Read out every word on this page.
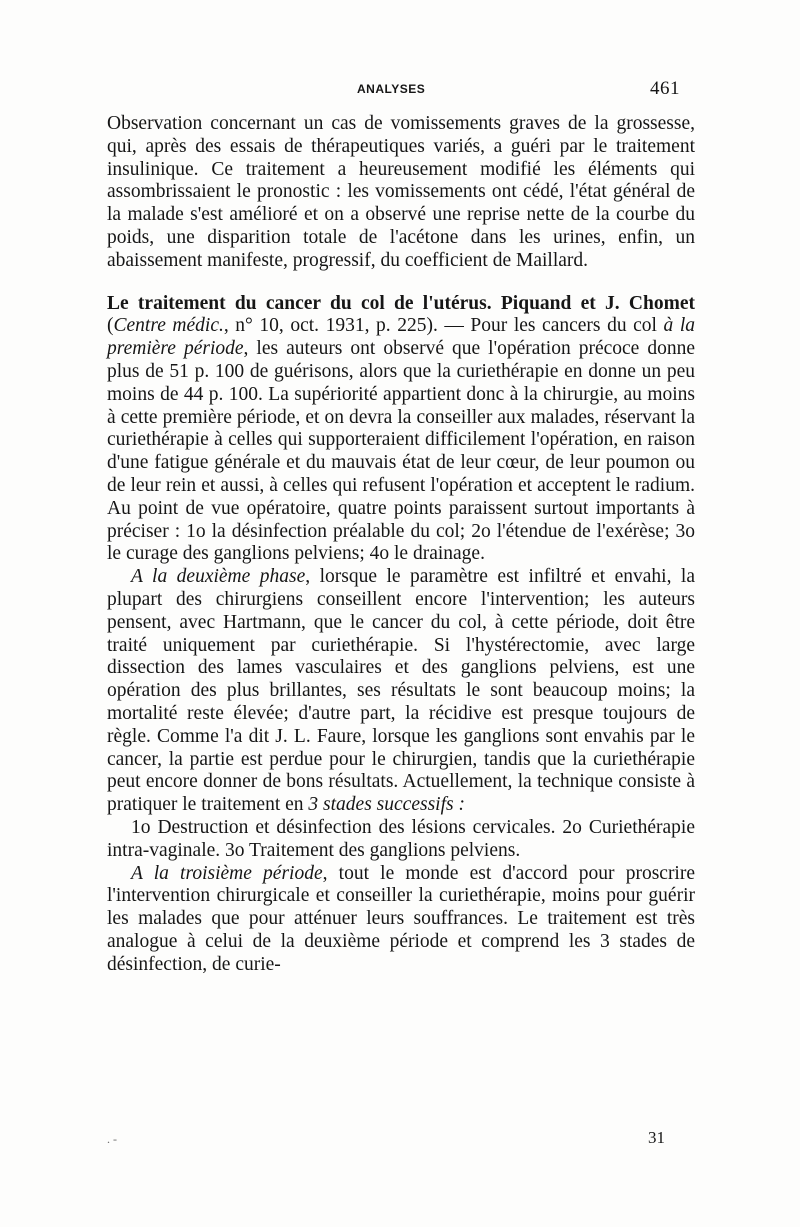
ANALYSES	461

Observation concernant un cas de vomissements graves de la grossesse, qui, après des essais de thérapeutiques variés, a guéri par le traitement insulinique. Ce traitement a heureusement modifié les éléments qui assombrissaient le pronostic : les vomissements ont cédé, l'état général de la malade s'est amélioré et on a observé une reprise nette de la courbe du poids, une disparition totale de l'acétone dans les urines, enfin, un abaissement manifeste, progressif, du coefficient de Maillard.

Le traitement du cancer du col de l'utérus. Piquand et J. Chomet (Centre médic., n° 10, oct. 1931, p. 225). — Pour les cancers du col à la première période, les auteurs ont observé que l'opération précoce donne plus de 51 p. 100 de guérisons, alors que la curiethérapie en donne un peu moins de 44 p. 100. La supériorité appartient donc à la chirurgie, au moins à cette première période, et on devra la conseiller aux malades, réservant la curiethérapie à celles qui supporteraient difficilement l'opération, en raison d'une fatigue générale et du mauvais état de leur cœur, de leur poumon ou de leur rein et aussi, à celles qui refusent l'opération et acceptent le radium. Au point de vue opératoire, quatre points paraissent surtout importants à préciser : 1o la désinfection préalable du col; 2o l'étendue de l'exérèse; 3o le curage des ganglions pelviens; 4o le drainage.

A la deuxième phase, lorsque le paramètre est infiltré et envahi, la plupart des chirurgiens conseillent encore l'intervention; les auteurs pensent, avec Hartmann, que le cancer du col, à cette période, doit être traité uniquement par curiethérapie. Si l'hystérectomie, avec large dissection des lames vasculaires et des ganglions pelviens, est une opération des plus brillantes, ses résultats le sont beaucoup moins; la mortalité reste élevée; d'autre part, la récidive est presque toujours de règle. Comme l'a dit J. L. Faure, lorsque les ganglions sont envahis par le cancer, la partie est perdue pour le chirurgien, tandis que la curiethérapie peut encore donner de bons résultats. Actuellement, la technique consiste à pratiquer le traitement en 3 stades successifs :

1o Destruction et désinfection des lésions cervicales. 2o Curiethérapie intra-vaginale. 3o Traitement des ganglions pelviens.

A la troisième période, tout le monde est d'accord pour proscrire l'intervention chirurgicale et conseiller la curiethérapie, moins pour guérir les malades que pour atténuer leurs souffrances. Le traitement est très analogue à celui de la deuxième période et comprend les 3 stades de désinfection, de curie-

. -	31
